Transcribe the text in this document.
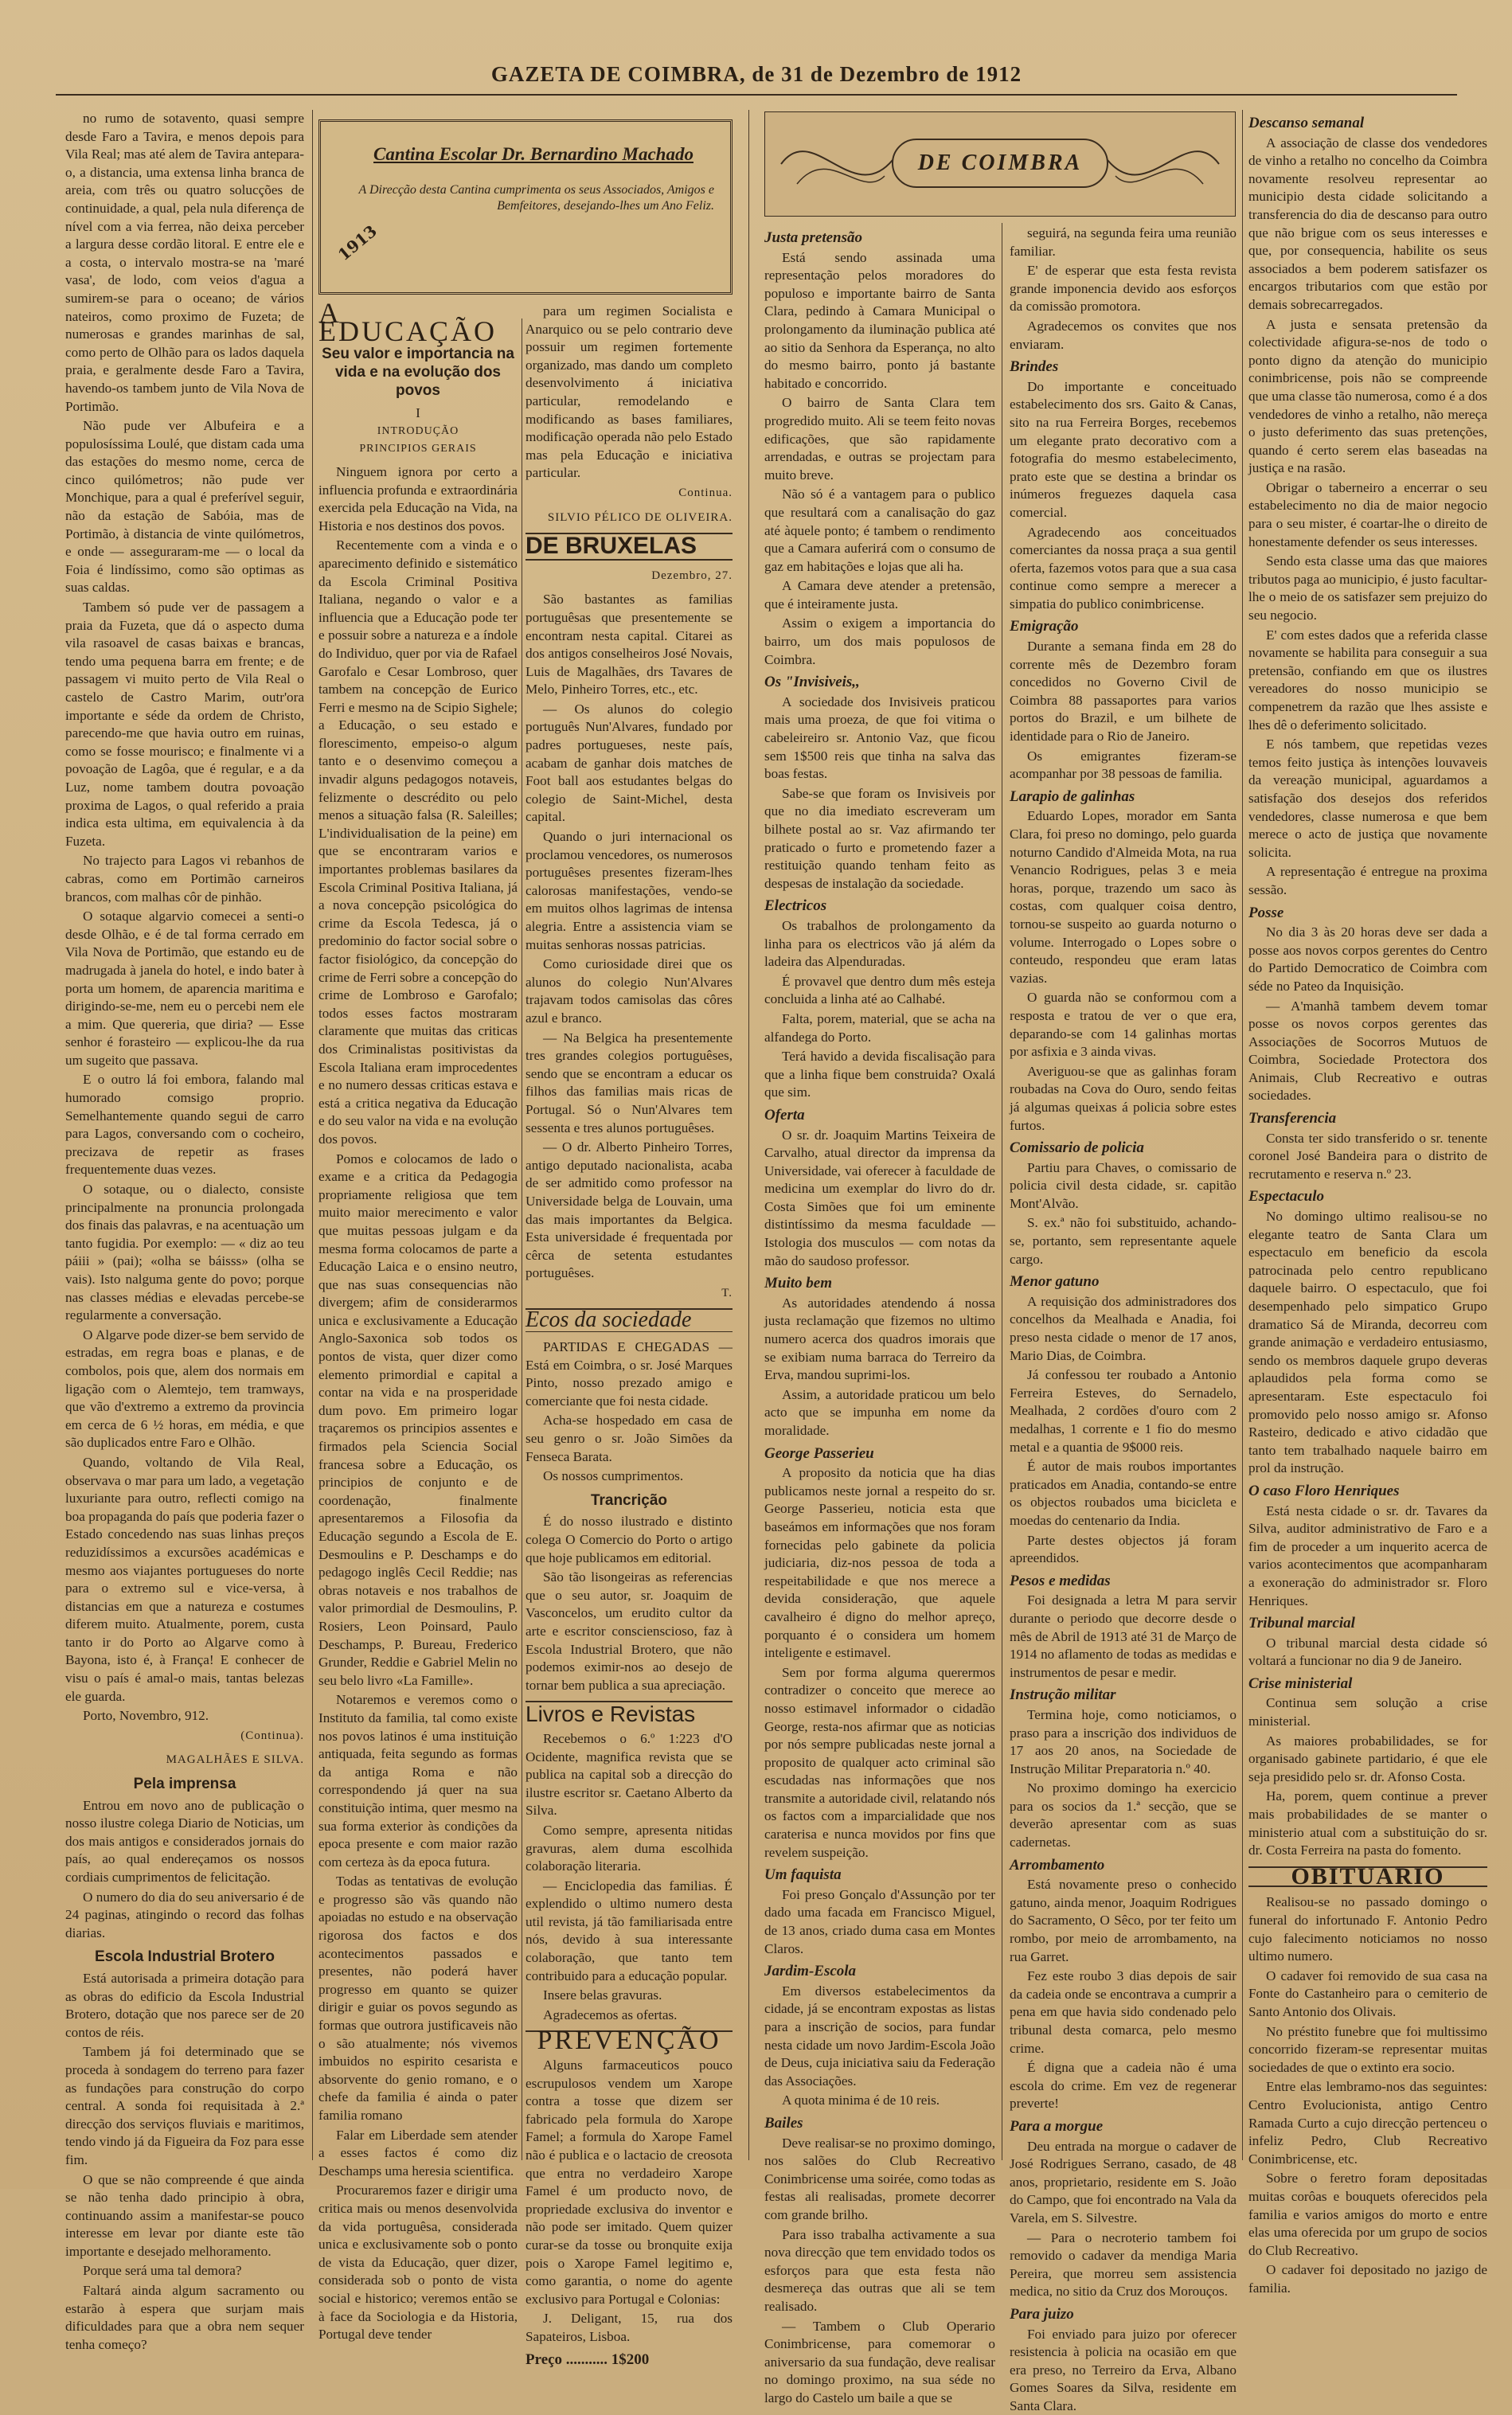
GAZETA DE COIMBRA, de 31 de Dezembro de 1912

no rumo de sotavento, quasi sempre desde Faro a Tavira, e menos depois para Vila Real; mas até alem de Tavira antepara-o, a distancia, uma extensa linha branca de areia, com três ou quatro solucções de continuidade, a qual, pela nula diferença de nível com a via ferrea, não deixa perceber a largura desse cordão litoral. E entre ele e a costa, o intervalo mostra-se na 'maré vasa', de lodo, com veios d'agua a sumirem-se para o oceano; de vários nateiros, como proximo de Fuzeta; de numerosas e grandes marinhas de sal, como perto de Olhão para os lados daquela praia, e geralmente desde Faro a Tavira, havendo-os tambem junto de Vila Nova de Portimão.

Não pude ver Albufeira e a populosíssima Loulé, que distam cada uma das estações do mesmo nome, cerca de cinco quilómetros; não pude ver Monchique, para a qual é preferível seguir, não da estação de Sabóia, mas de Portimão, à distancia de vinte quilómetros, e onde — asseguraram-me — o local da Foia é lindíssimo, como são optimas as suas caldas.

Tambem só pude ver de passagem a praia da Fuzeta, que dá o aspecto duma vila rasoavel de casas baixas e brancas, tendo uma pequena barra em frente; e de passagem vi muito perto de Vila Real o castelo de Castro Marim, outr'ora importante e séde da ordem de Christo, parecendo-me que havia outro em ruinas, como se fosse mourisco; e finalmente vi a povoação de Lagôa, que é regular, e a da Luz, nome tambem doutra povoação proxima de Lagos, o qual referido a praia indica esta ultima, em equivalencia à da Fuzeta.

No trajecto para Lagos vi rebanhos de cabras, como em Portimão carneiros brancos, com malhas côr de pinhão.

O sotaque algarvio comecei a senti-o desde Olhão, e é de tal forma cerrado em Vila Nova de Portimão, que estando eu de madrugada à janela do hotel, e indo bater à porta um homem, de aparencia maritima e dirigindo-se-me, nem eu o percebi nem ele a mim. Que quereria, que diria? — Esse senhor é forasteiro — explicou-lhe da rua um sugeito que passava.

E o outro lá foi embora, falando mal humorado comsigo proprio. Semelhantemente quando segui de carro para Lagos, conversando com o cocheiro, precizava de repetir as frases frequentemente duas vezes.

O sotaque, ou o dialecto, consiste principalmente na pronuncia prolongada dos finais das palavras, e na acentuação um tanto fugidia. Por exemplo: — « diz ao teu páiii » (pai); «olha se báisss» (olha se vais). Isto nalguma gente do povo; porque nas classes médias e elevadas percebe-se regularmente a conversação.

O Algarve pode dizer-se bem servido de estradas, em regra boas e planas, e de combolos, pois que, alem dos normais em ligação com o Alemtejo, tem tramways, que vão d'extremo a extremo da provincia em cerca de 6 ½ horas, em média, e que são duplicados entre Faro e Olhão.

Quando, voltando de Vila Real, observava o mar para um lado, a vegetação luxuriante para outro, reflecti comigo na boa propaganda do país que poderia fazer o Estado concedendo nas suas linhas preços reduzidíssimos a excursões académicas e mesmo aos viajantes portugueses do norte para o extremo sul e vice-versa, à distancias em que a natureza e costumes diferem muito. Atualmente, porem, custa tanto ir do Porto ao Algarve como à Bayona, isto é, à França! E conhecer de visu o país é amal-o mais, tantas belezas ele guarda.

Porto, Novembro, 912.

(Continua).
MAGALHÃES E SILVA.
Pela imprensa

Entrou em novo ano de publicação o nosso ilustre colega Diario de Noticias, um dos mais antigos e considerados jornais do país, ao qual endereçamos os nossos cordiais cumprimentos de felicitação.

O numero do dia do seu aniversario é de 24 paginas, atingindo o record das folhas diarias.

Escola Industrial Brotero

Está autorisada a primeira dotação para as obras do edificio da Escola Industrial Brotero, dotação que nos parece ser de 20 contos de réis.

Tambem já foi determinado que se proceda à sondagem do terreno para fazer as fundações para construção do corpo central. A sonda foi requisitada à 2.ª direcção dos serviços fluviais e maritimos, tendo vindo já da Figueira da Foz para esse fim.

O que se não compreende é que ainda se não tenha dado principio à obra, continuando assim a manifestar-se pouco interesse em levar por diante este tão importante e desejado melhoramento.

Porque será uma tal demora?

Faltará ainda algum sacramento ou estarão à espera que surjam mais dificuldades para que a obra nem sequer tenha começo?

Cantina Escolar Dr. Bernardino Machado
A Direcção desta Cantina cumprimenta os seus Associados, Amigos e Bemfeitores, desejando-lhes um Ano Feliz.
1913
A EDUCAÇÃO
Seu valor e importancia na vida e na evolução dos povos
I
INTRODUÇÃO
PRINCIPIOS GERAIS

Ninguem ignora por certo a influencia profunda e extraordinária exercida pela Educação na Vida, na Historia e nos destinos dos povos.

Recentemente com a vinda e o aparecimento definido e sistemático da Escola Criminal Positiva Italiana, negando o valor e a influencia que a Educação pode ter e possuir sobre a natureza e a índole do Individuo, quer por via de Rafael Garofalo e Cesar Lombroso, quer tambem na concepção de Eurico Ferri e mesmo na de Scipio Sighele; a Educação, o seu estado e florescimento, empeiso-o algum tanto e o desenvimo começou a invadir alguns pedagogos notaveis, felizmente o descrédito ou pelo menos a situação falsa (R. Saleilles; L'individualisation de la peine) em que se encontraram varios e importantes problemas basilares da Escola Criminal Positiva Italiana, já a nova concepção psicológica do crime da Escola Tedesca, já o predominio do factor social sobre o factor fisiológico, da concepção do crime de Ferri sobre a concepção do crime de Lombroso e Garofalo; todos esses factos mostraram claramente que muitas das criticas dos Criminalistas positivistas da Escola Italiana eram improcedentes e no numero dessas criticas estava e está a critica negativa da Educação e do seu valor na vida e na evolução dos povos.

Pomos e colocamos de lado o exame e a critica da Pedagogia propriamente religiosa que tem muito maior merecimento e valor que muitas pessoas julgam e da mesma forma colocamos de parte a Educação Laica e o ensino neutro, que nas suas consequencias não divergem; afim de considerarmos unica e exclusivamente a Educação Anglo-Saxonica sob todos os pontos de vista, quer dizer como elemento primordial e capital a contar na vida e na prosperidade dum povo. Em primeiro logar traçaremos os principios assentes e firmados pela Sciencia Social francesa sobre a Educação, os principios de conjunto e de coordenação, finalmente apresentaremos a Filosofia da Educação segundo a Escola de E. Desmoulins e P. Deschamps e do pedagogo inglês Cecil Reddie; nas obras notaveis e nos trabalhos de valor primordial de Desmoulins, P. Rosiers, Leon Poinsard, Paulo Deschamps, P. Bureau, Frederico Grunder, Reddie e Gabriel Melin no seu belo livro «La Famille».

Notaremos e veremos como o Instituto da familia, tal como existe nos povos latinos é uma instituição antiquada, feita segundo as formas da antiga Roma e não correspondendo já quer na sua constituição intima, quer mesmo na sua forma exterior às condições da epoca presente e com maior razão com certeza às da epoca futura.

Todas as tentativas de evolução e progresso são vãs quando não apoiadas no estudo e na observação rigorosa dos factos e dos acontecimentos passados e presentes, não poderá haver progresso em quanto se quizer dirigir e guiar os povos segundo as formas que outrora justificaveis não o são atualmente; nós vivemos imbuidos no espirito cesarista e absorvente do genio romano, e o chefe da familia é ainda o pater familia romano

Falar em Liberdade sem atender a esses factos é como diz Deschamps uma heresia scientifica.

Procuraremos fazer e dirigir uma critica mais ou menos desenvolvida da vida portuguêsa, considerada unica e exclusivamente sob o ponto de vista da Educação, quer dizer, considerada sob o ponto de vista social e historico; veremos então se à face da Sociologia e da Historia, Portugal deve tender

para um regimen Socialista e Anarquico ou se pelo contrario deve possuir um regimen fortemente organizado, mas dando um completo desenvolvimento á iniciativa particular, remodelando e modificando as bases familiares, modificação operada não pelo Estado mas pela Educação e iniciativa particular.

Continua.
SILVIO PÉLICO DE OLIVEIRA.
DE BRUXELAS
Dezembro, 27.

São bastantes as familias portuguêsas que presentemente se encontram nesta capital. Citarei as dos antigos conselheiros José Novais, Luis de Magalhães, drs Tavares de Melo, Pinheiro Torres, etc., etc.

— Os alunos do colegio português Nun'Alvares, fundado por padres portugueses, neste país, acabam de ganhar dois matches de Foot ball aos estudantes belgas do colegio de Saint-Michel, desta capital.

Quando o juri internacional os proclamou vencedores, os numerosos portuguêses presentes fizeram-lhes calorosas manifestações, vendo-se em muitos olhos lagrimas de intensa alegria. Entre a assistencia viam se muitas senhoras nossas patricias.

Como curiosidade direi que os alunos do colegio Nun'Alvares trajavam todos camisolas das côres azul e branco.

— Na Belgica ha presentemente tres grandes colegios portuguêses, sendo que se encontram a educar os filhos das familias mais ricas de Portugal. Só o Nun'Alvares tem sessenta e tres alunos portuguêses.

— O dr. Alberto Pinheiro Torres, antigo deputado nacionalista, acaba de ser admitido como professor na Universidade belga de Louvain, uma das mais importantes da Belgica. Esta universidade é frequentada por cêrca de setenta estudantes portuguêses.

T.
Ecos da sociedade

PARTIDAS E CHEGADAS — Está em Coimbra, o sr. José Marques Pinto, nosso prezado amigo e comerciante que foi nesta cidade.

Acha-se hospedado em casa de seu genro o sr. João Simões da Fenseca Barata.

Os nossos cumprimentos.

Trancrição

É do nosso ilustrado e distinto colega O Comercio do Porto o artigo que hoje publicamos em editorial.

São tão lisongeiras as referencias que o seu autor, sr. Joaquim de Vasconcelos, um erudito cultor da arte e escritor conscienscioso, faz à Escola Industrial Brotero, que não podemos eximir-nos ao desejo de tornar bem publica a sua apreciação.

Livros e Revistas

Recebemos o 6.º 1:223 d'O Ocidente, magnifica revista que se publica na capital sob a direcção do ilustre escritor sr. Caetano Alberto da Silva.

Como sempre, apresenta nitidas gravuras, alem duma escolhida colaboração literaria.

— Enciclopedia das familias. É explendido o ultimo numero desta util revista, já tão familiarisada entre nós, devido à sua interessante colaboração, que tanto tem contribuido para a educação popular.

Insere belas gravuras.

Agradecemos as ofertas.

PREVENÇÃO

Alguns farmaceuticos pouco escrupulosos vendem um Xarope contra a tosse que dizem ser fabricado pela formula do Xarope Famel; a formula do Xarope Famel não é publica e o lactacio de creosota que entra no verdadeiro Xarope Famel é um producto novo, de propriedade exclusiva do inventor e não pode ser imitado. Quem quizer curar-se da tosse ou bronquite exija pois o Xarope Famel legitimo e, como garantia, o nome do agente exclusivo para Portugal e Colonias:

J. Deligant, 15, rua dos Sapateiros, Lisboa.

Preço ........... 1$200
DE COIMBRA
Justa pretensão

Está sendo assinada uma representação pelos moradores do populoso e importante bairro de Santa Clara, pedindo à Camara Municipal o prolongamento da iluminação publica até ao sitio da Senhora da Esperança, no alto do mesmo bairro, ponto já bastante habitado e concorrido.

O bairro de Santa Clara tem progredido muito. Ali se teem feito novas edificações, que são rapidamente arrendadas, e outras se projectam para muito breve.

Não só é a vantagem para o publico que resultará com a canalisação do gaz até àquele ponto; é tambem o rendimento que a Camara auferirá com o consumo de gaz em habitações e lojas que ali ha.

A Camara deve atender a pretensão, que é inteiramente justa.

Assim o exigem a importancia do bairro, um dos mais populosos de Coimbra.

Os "Invisiveis,,

A sociedade dos Invisiveis praticou mais uma proeza, de que foi vitima o cabeleireiro sr. Antonio Vaz, que ficou sem 1$500 reis que tinha na salva das boas festas.

Sabe-se que foram os Invisiveis por que no dia imediato escreveram um bilhete postal ao sr. Vaz afirmando ter praticado o furto e prometendo fazer a restituição quando tenham feito as despesas de instalação da sociedade.

Electricos

Os trabalhos de prolongamento da linha para os electricos vão já além da ladeira das Alpenduradas.

É provavel que dentro dum mês esteja concluida a linha até ao Calhabé.

Falta, porem, material, que se acha na alfandega do Porto.

Terá havido a devida fiscalisação para que a linha fique bem construida? Oxalá que sim.

Oferta

O sr. dr. Joaquim Martins Teixeira de Carvalho, atual director da imprensa da Universidade, vai oferecer à faculdade de medicina um exemplar do livro do dr. Costa Simões que foi um eminente distintíssimo da mesma faculdade — Istologia dos musculos — com notas da mão do saudoso professor.

Muito bem

As autoridades atendendo á nossa justa reclamação que fizemos no ultimo numero acerca dos quadros imorais que se exibiam numa barraca do Terreiro da Erva, mandou suprimi-los.

Assim, a autoridade praticou um belo acto que se impunha em nome da moralidade.

George Passerieu

A proposito da noticia que ha dias publicamos neste jornal a respeito do sr. George Passerieu, noticia esta que baseámos em informações que nos foram fornecidas pelo gabinete da policia judiciaria, diz-nos pessoa de toda a respeitabilidade e que nos merece a devida consideração, que aquele cavalheiro é digno do melhor apreço, porquanto é o considera um homem inteligente e estimavel.

Sem por forma alguma querermos contradizer o conceito que merece ao nosso estimavel informador o cidadão George, resta-nos afirmar que as noticias por nós sempre publicadas neste jornal a proposito de qualquer acto criminal são escudadas nas informações que nos transmite a autoridade civil, relatando nós os factos com a imparcialidade que nos caraterisa e nunca movidos por fins que revelem suspeição.

Um faquista

Foi preso Gonçalo d'Assunção por ter dado uma facada em Francisco Miguel, de 13 anos, criado duma casa em Montes Claros.

Jardim-Escola

Em diversos estabelecimentos da cidade, já se encontram expostas as listas para a inscrição de socios, para fundar nesta cidade um novo Jardim-Escola João de Deus, cuja iniciativa saiu da Federação das Associações.

A quota minima é de 10 reis.

Bailes

Deve realisar-se no proximo domingo, nos salões do Club Recreativo Conimbricense uma soirée, como todas as festas ali realisadas, promete decorrer com grande brilho.

Para isso trabalha activamente a sua nova direcção que tem envidado todos os esforços para que esta festa não desmereça das outras que ali se tem realisado.

— Tambem o Club Operario Conimbricense, para comemorar o aniversario da sua fundação, deve realisar no domingo proximo, na sua séde no largo do Castelo um baile a que se

seguirá, na segunda feira uma reunião familiar.

E' de esperar que esta festa revista grande imponencia devido aos esforços da comissão promotora.

Agradecemos os convites que nos enviaram.

Brindes

Do importante e conceituado estabelecimento dos srs. Gaito & Canas, sito na rua Ferreira Borges, recebemos um elegante prato decorativo com a fotografia do mesmo estabelecimento, prato este que se destina a brindar os inúmeros freguezes daquela casa comercial.

Agradecendo aos conceituados comerciantes da nossa praça a sua gentil oferta, fazemos votos para que a sua casa continue como sempre a merecer a simpatia do publico conimbricense.

Emigração

Durante a semana finda em 28 do corrente mês de Dezembro foram concedidos no Governo Civil de Coimbra 88 passaportes para varios portos do Brazil, e um bilhete de identidade para o Rio de Janeiro.

Os emigrantes fizeram-se acompanhar por 38 pessoas de familia.

Larapio de galinhas

Eduardo Lopes, morador em Santa Clara, foi preso no domingo, pelo guarda noturno Candido d'Almeida Mota, na rua Venancio Rodrigues, pelas 3 e meia horas, porque, trazendo um saco às costas, com qualquer coisa dentro, tornou-se suspeito ao guarda noturno o volume. Interrogado o Lopes sobre o conteudo, respondeu que eram latas vazias.

O guarda não se conformou com a resposta e tratou de ver o que era, deparando-se com 14 galinhas mortas por asfixia e 3 ainda vivas.

Averiguou-se que as galinhas foram roubadas na Cova do Ouro, sendo feitas já algumas queixas á policia sobre estes furtos.

Comissario de policia

Partiu para Chaves, o comissario de policia civil desta cidade, sr. capitão Mont'Alvão.

S. ex.ª não foi substituido, achando-se, portanto, sem representante aquele cargo.

Menor gatuno

A requisição dos administradores dos concelhos da Mealhada e Anadia, foi preso nesta cidade o menor de 17 anos, Mario Dias, de Coimbra.

Já confessou ter roubado a Antonio Ferreira Esteves, do Sernadelo, Mealhada, 2 cordões d'ouro com 2 medalhas, 1 corrente e 1 fio do mesmo metal e a quantia de 9$000 reis.

É autor de mais roubos importantes praticados em Anadia, contando-se entre os objectos roubados uma bicicleta e moedas do centenario da India.

Parte destes objectos já foram apreendidos.

Pesos e medidas

Foi designada a letra M para servir durante o periodo que decorre desde o mês de Abril de 1913 até 31 de Março de 1914 no aflamento de todas as medidas e instrumentos de pesar e medir.

Instrução militar

Termina hoje, como noticiamos, o praso para a inscrição dos individuos de 17 aos 20 anos, na Sociedade de Instrução Militar Preparatoria n.º 40.

No proximo domingo ha exercicio para os socios da 1.ª secção, que se deverão apresentar com as suas cadernetas.

Arrombamento

Está novamente preso o conhecido gatuno, ainda menor, Joaquim Rodrigues do Sacramento, O Sêco, por ter feito um rombo, por meio de arrombamento, na rua Garret.

Fez este roubo 3 dias depois de sair da cadeia onde se encontrava a cumprir a pena em que havia sido condenado pelo tribunal desta comarca, pelo mesmo crime.

É digna que a cadeia não é uma escola do crime. Em vez de regenerar preverte!

Para a morgue

Deu entrada na morgue o cadaver de José Rodrigues Serrano, casado, de 48 anos, proprietario, residente em S. João do Campo, que foi encontrado na Vala da Varela, em S. Silvestre.

— Para o necroterio tambem foi removido o cadaver da mendiga Maria Pereira, que morreu sem assistencia medica, no sitio da Cruz dos Morouços.

Para juizo

Foi enviado para juizo por oferecer resistencia à policia na ocasião em que era preso, no Terreiro da Erva, Albano Gomes Soares da Silva, residente em Santa Clara.

Descanso semanal

A associação de classe dos vendedores de vinho a retalho no concelho da Coimbra novamente resolveu representar ao municipio desta cidade solicitando a transferencia do dia de descanso para outro que não brigue com os seus interesses e que, por consequencia, habilite os seus associados a bem poderem satisfazer os encargos tributarios com que estão por demais sobrecarregados.

A justa e sensata pretensão da colectividade afigura-se-nos de todo o ponto digno da atenção do municipio conimbricense, pois não se compreende que uma classe tão numerosa, como é a dos vendedores de vinho a retalho, não mereça o justo deferimento das suas pretenções, quando é certo serem elas baseadas na justiça e na rasão.

Obrigar o taberneiro a encerrar o seu estabelecimento no dia de maior negocio para o seu mister, é coartar-lhe o direito de honestamente defender os seus interesses.

Sendo esta classe uma das que maiores tributos paga ao municipio, é justo facultar-lhe o meio de os satisfazer sem prejuizo do seu negocio.

E' com estes dados que a referida classe novamente se habilita para conseguir a sua pretensão, confiando em que os ilustres vereadores do nosso municipio se compenetrem da razão que lhes assiste e lhes dê o deferimento solicitado.

E nós tambem, que repetidas vezes temos feito justiça às intenções louvaveis da vereação municipal, aguardamos a satisfação dos desejos dos referidos vendedores, classe numerosa e que bem merece o acto de justiça que novamente solicita.

A representação é entregue na proxima sessão.

Posse

No dia 3 às 20 horas deve ser dada a posse aos novos corpos gerentes do Centro do Partido Democratico de Coimbra com séde no Pateo da Inquisição.

— A'manhã tambem devem tomar posse os novos corpos gerentes das Associações de Socorros Mutuos de Coimbra, Sociedade Protectora dos Animais, Club Recreativo e outras sociedades.

Transferencia

Consta ter sido transferido o sr. tenente coronel José Bandeira para o distrito de recrutamento e reserva n.º 23.

Espectaculo

No domingo ultimo realisou-se no elegante teatro de Santa Clara um espectaculo em beneficio da escola patrocinada pelo centro republicano daquele bairro. O espectaculo, que foi desempenhado pelo simpatico Grupo dramatico Sá de Miranda, decorreu com grande animação e verdadeiro entusiasmo, sendo os membros daquele grupo deveras aplaudidos pela forma como se apresentaram. Este espectaculo foi promovido pelo nosso amigo sr. Afonso Rasteiro, dedicado e ativo cidadão que tanto tem trabalhado naquele bairro em prol da instrução.

O caso Floro Henriques

Está nesta cidade o sr. dr. Tavares da Silva, auditor administrativo de Faro e a fim de proceder a um inquerito acerca de varios acontecimentos que acompanharam a exoneração do administrador sr. Floro Henriques.

Tribunal marcial

O tribunal marcial desta cidade só voltará a funcionar no dia 9 de Janeiro.

Crise ministerial

Continua sem solução a crise ministerial.

As maiores probabilidades, se for organisado gabinete partidario, é que ele seja presidido pelo sr. dr. Afonso Costa.

Ha, porem, quem continue a prever mais probabilidades de se manter o ministerio atual com a substituição do sr. dr. Costa Ferreira na pasta do fomento.

OBITUARIO

Realisou-se no passado domingo o funeral do infortunado F. Antonio Pedro cujo falecimento noticiamos no nosso ultimo numero.

O cadaver foi removido de sua casa na Fonte do Castanheiro para o cemiterio de Santo Antonio dos Olivais.

No préstito funebre que foi multissimo concorrido fizeram-se representar muitas sociedades de que o extinto era socio.

Entre elas lembramo-nos das seguintes: Centro Evolucionista, antigo Centro Ramada Curto a cujo direcção pertenceu o infeliz Pedro, Club Recreativo Conimbricense, etc.

Sobre o feretro foram depositadas muitas corôas e bouquets oferecidos pela familia e varios amigos do morto e entre elas uma oferecida por um grupo de socios do Club Recreativo.

O cadaver foi depositado no jazigo de familia.
